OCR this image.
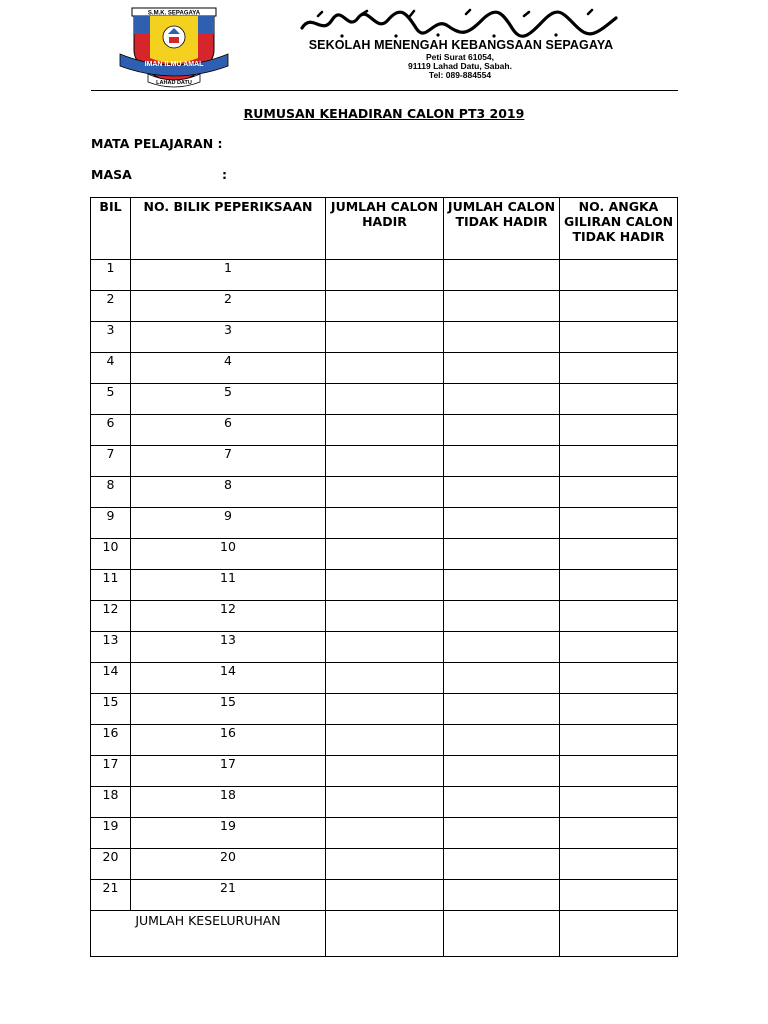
S.M.K. SEPAGAYA
IMAN ILMU AMAL
LAHAD DATU
SEKOLAH MENENGAH KEBANGSAAN SEPAGAYA
Peti Surat 61054,
91119 Lahad Datu, Sabah.
Tel: 089-884554
RUMUSAN KEHADIRAN CALON PT3 2019
MATA PELAJARAN :
MASA	:
BIL	NO. BILIK PEPERIKSAAN	JUMLAH CALON HADIR	JUMLAH CALON TIDAK HADIR	NO. ANGKA GILIRAN CALON TIDAK HADIR
1	1			
2	2			
3	3			
4	4			
5	5			
6	6			
7	7			
8	8			
9	9			
10	10			
11	11			
12	12			
13	13			
14	14			
15	15			
16	16			
17	17			
18	18			
19	19			
20	20			
21	21			
JUMLAH KESELURUHAN				
